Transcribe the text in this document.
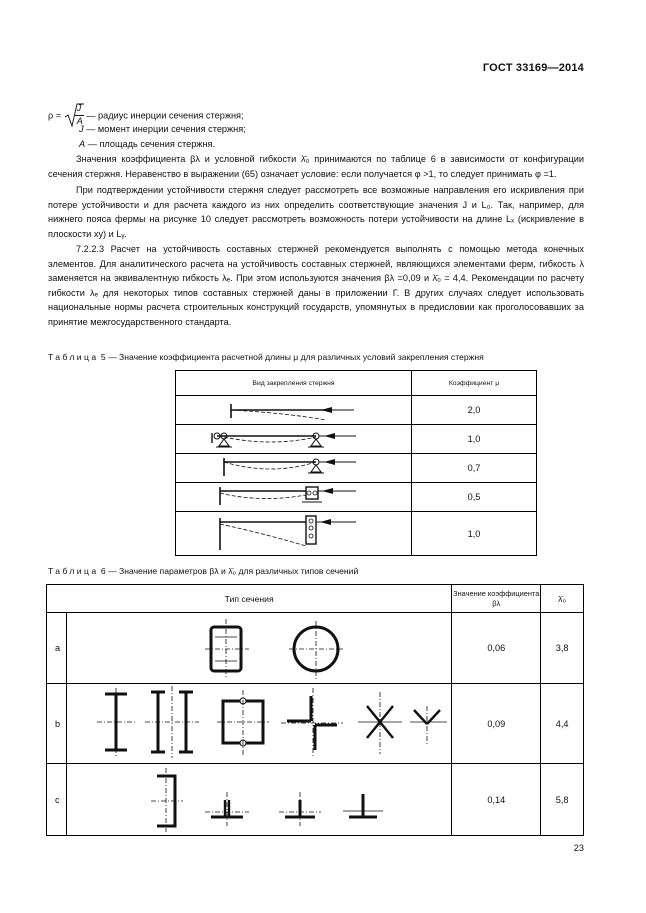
ГОСТ 33169—2014
$\rho = \frac{J}{A}$ — радиус инерции сечения стержня;
J — момент инерции сечения стержня;
A — площадь сечения стержня.

Значения коэффициента βλ и условной гибкости λ̄₀ принимаются по таблице 6 в зависимости от конфигурации сечения стержня. Неравенство в выражении (65) означает условие: если получается φ >1, то следует принимать φ =1.

При подтверждении устойчивости стержня следует рассмотреть все возможные направления его искривления при потере устойчивости и для расчета каждого из них определить соответствующие значения J и L₀. Так, например, для нижнего пояса фермы на рисунке 10 следует рассмотреть возможность потери устойчивости на длине Lₓ (искривление в плоскости xy) и Lᵧ.

7.2.2.3 Расчет на устойчивость составных стержней рекомендуется выполнять с помощью метода конечных элементов. Для аналитического расчета на устойчивость составных стержней, являющихся элементами ферм, гибкость λ заменяется на эквивалентную гибкость λₑ. При этом используются значения βλ =0,09 и λ̄₀ = 4,4. Рекомендации по расчету гибкости λₑ для некоторых типов составных стержней даны в приложении Г. В других случаях следует использовать национальные нормы расчета строительных конструкций государств, упомянутых в предисловии как проголосовавших за принятие межгосударственного стандарта.

Таблица 5 — Значение коэффициента расчетной длины μ для различных условий закрепления стержня
Вид закрепления стержня	Коэффициент μ

	2,0

	1,0

	0,7

	0,5

	1,0
Таблица 6 — Значение параметров βλ и λ̄₀ для различных типов сечений
Тип сечения		Значение коэффициента βλ	λ̄₀
a		0,06	3,8
b		0,09	4,4
c		0,14	5,8
23
